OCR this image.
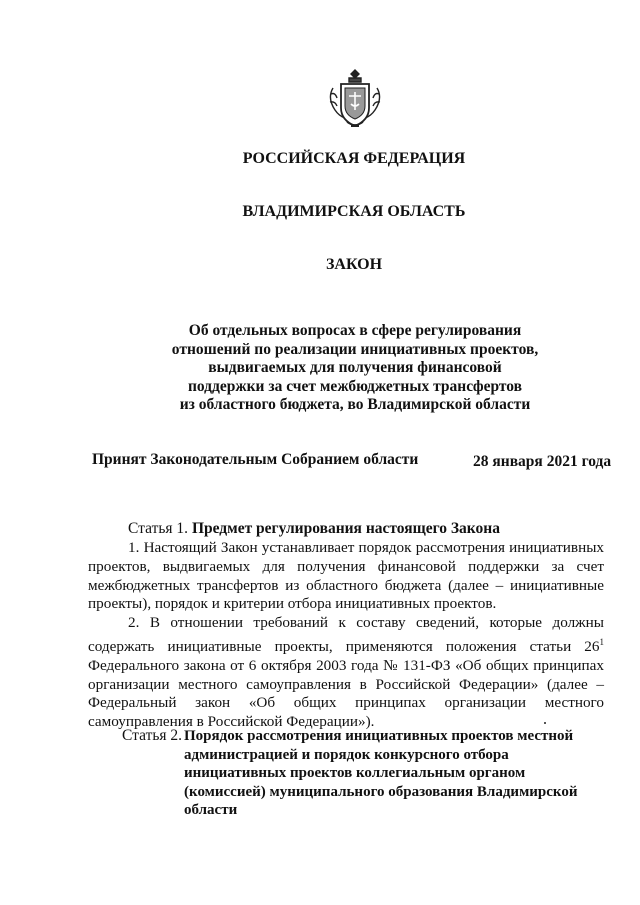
РОССИЙСКАЯ ФЕДЕРАЦИЯ
ВЛАДИМИРСКАЯ ОБЛАСТЬ
ЗАКОН
Об отдельных вопросах в сфере регулирования
отношений по реализации инициативных проектов,
выдвигаемых для получения финансовой
поддержки за счет межбюджетных трансфертов
из областного бюджета, во Владимирской области
Принят Законодательным Собранием области	28 января 2021 года
Статья 1. Предмет регулирования настоящего Закона
1. Настоящий Закон устанавливает порядок рассмотрения инициативных
проектов, выдвигаемых для получения финансовой поддержки за счет
межбюджетных трансфертов из областного бюджета (далее – инициативные
проекты), порядок и критерии отбора инициативных проектов.
2. В отношении требований к составу сведений, которые должны
содержать инициативные проекты, применяются положения статьи $26^1$
Федерального закона от 6 октября 2003 года № 131-ФЗ «Об общих принципах
организации местного самоуправления в Российской Федерации» (далее –
Федеральный закон «Об общих принципах организации местного
самоуправления в Российской Федерации»).
Статья 2. Порядок рассмотрения инициативных проектов местной
администрацией и порядок конкурсного отбора
инициативных проектов коллегиальным органом
(комиссией) муниципального образования Владимирской
области
